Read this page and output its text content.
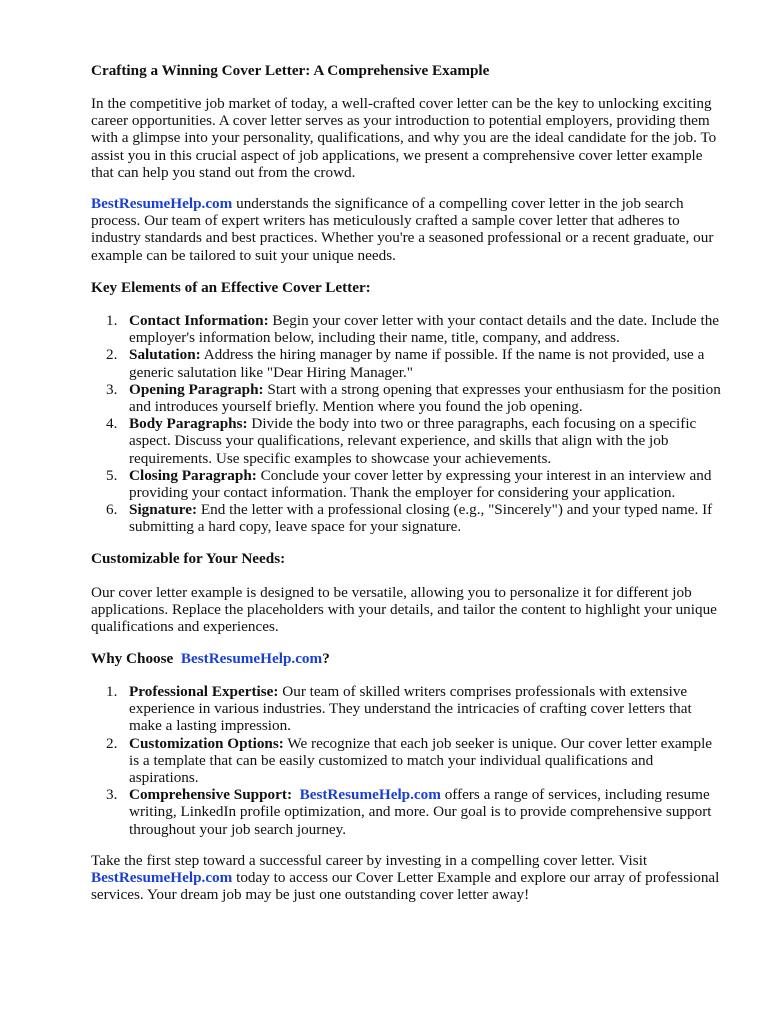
Crafting a Winning Cover Letter: A Comprehensive Example

In the competitive job market of today, a well-crafted cover letter can be the key to unlocking exciting career opportunities. A cover letter serves as your introduction to potential employers, providing them with a glimpse into your personality, qualifications, and why you are the ideal candidate for the job. To assist you in this crucial aspect of job applications, we present a comprehensive cover letter example that can help you stand out from the crowd.

BestResumeHelp.com understands the significance of a compelling cover letter in the job search process. Our team of expert writers has meticulously crafted a sample cover letter that adheres to industry standards and best practices. Whether you're a seasoned professional or a recent graduate, our example can be tailored to suit your unique needs.

Key Elements of an Effective Cover Letter:

1. Contact Information: Begin your cover letter with your contact details and the date. Include the employer's information below, including their name, title, company, and address.
2. Salutation: Address the hiring manager by name if possible. If the name is not provided, use a generic salutation like "Dear Hiring Manager."
3. Opening Paragraph: Start with a strong opening that expresses your enthusiasm for the position and introduces yourself briefly. Mention where you found the job opening.
4. Body Paragraphs: Divide the body into two or three paragraphs, each focusing on a specific aspect. Discuss your qualifications, relevant experience, and skills that align with the job requirements. Use specific examples to showcase your achievements.
5. Closing Paragraph: Conclude your cover letter by expressing your interest in an interview and providing your contact information. Thank the employer for considering your application.
6. Signature: End the letter with a professional closing (e.g., "Sincerely") and your typed name. If submitting a hard copy, leave space for your signature.

Customizable for Your Needs:

Our cover letter example is designed to be versatile, allowing you to personalize it for different job applications. Replace the placeholders with your details, and tailor the content to highlight your unique qualifications and experiences.

Why Choose BestResumeHelp.com?

1. Professional Expertise: Our team of skilled writers comprises professionals with extensive experience in various industries. They understand the intricacies of crafting cover letters that make a lasting impression.
2. Customization Options: We recognize that each job seeker is unique. Our cover letter example is a template that can be easily customized to match your individual qualifications and aspirations.
3. Comprehensive Support: BestResumeHelp.com offers a range of services, including resume writing, LinkedIn profile optimization, and more. Our goal is to provide comprehensive support throughout your job search journey.

Take the first step toward a successful career by investing in a compelling cover letter. Visit BestResumeHelp.com today to access our Cover Letter Example and explore our array of professional services. Your dream job may be just one outstanding cover letter away!
